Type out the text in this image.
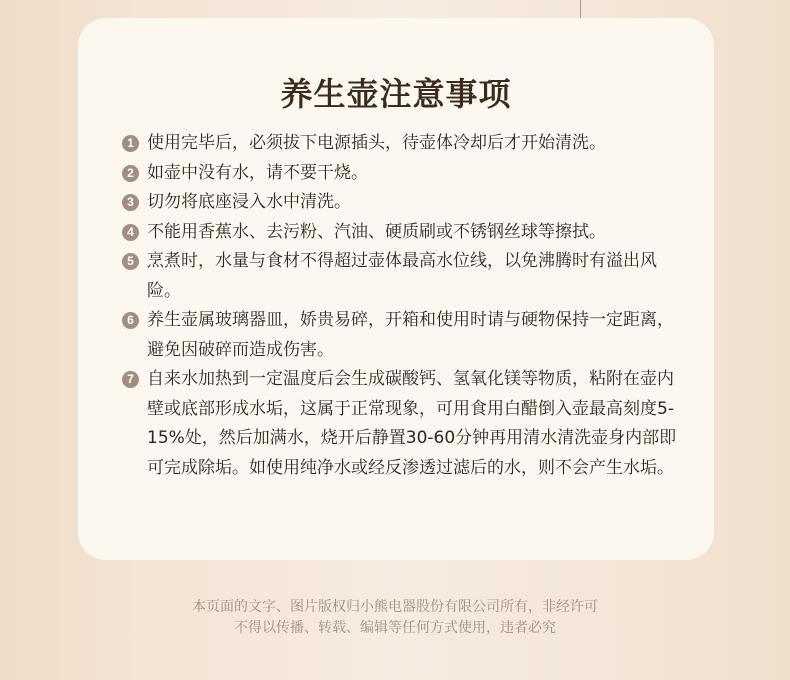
养生壶注意事项
1 使用完毕后，必须拔下电源插头，待壶体冷却后才开始清洗。
2 如壶中没有水，请不要干烧。
3 切勿将底座浸入水中清洗。
4 不能用香蕉水、去污粉、汽油、硬质刷或不锈钢丝球等擦拭。
5 烹煮时，水量与食材不得超过壶体最高水位线，以免沸腾时有溢出风险。
6 养生壶属玻璃器皿，娇贵易碎，开箱和使用时请与硬物保持一定距离，避免因破碎而造成伤害。
7 自来水加热到一定温度后会生成碳酸钙、氢氧化镁等物质，粘附在壶内壁或底部形成水垢，这属于正常现象，可用食用白醋倒入壶最高刻度5-15%处，然后加满水，烧开后静置30-60分钟再用清水清洗壶身内部即可完成除垢。如使用纯净水或经反渗透过滤后的水，则不会产生水垢。
本页面的文字、图片版权归小熊电器股份有限公司所有，非经许可
不得以传播、转载、编辑等任何方式使用，违者必究
